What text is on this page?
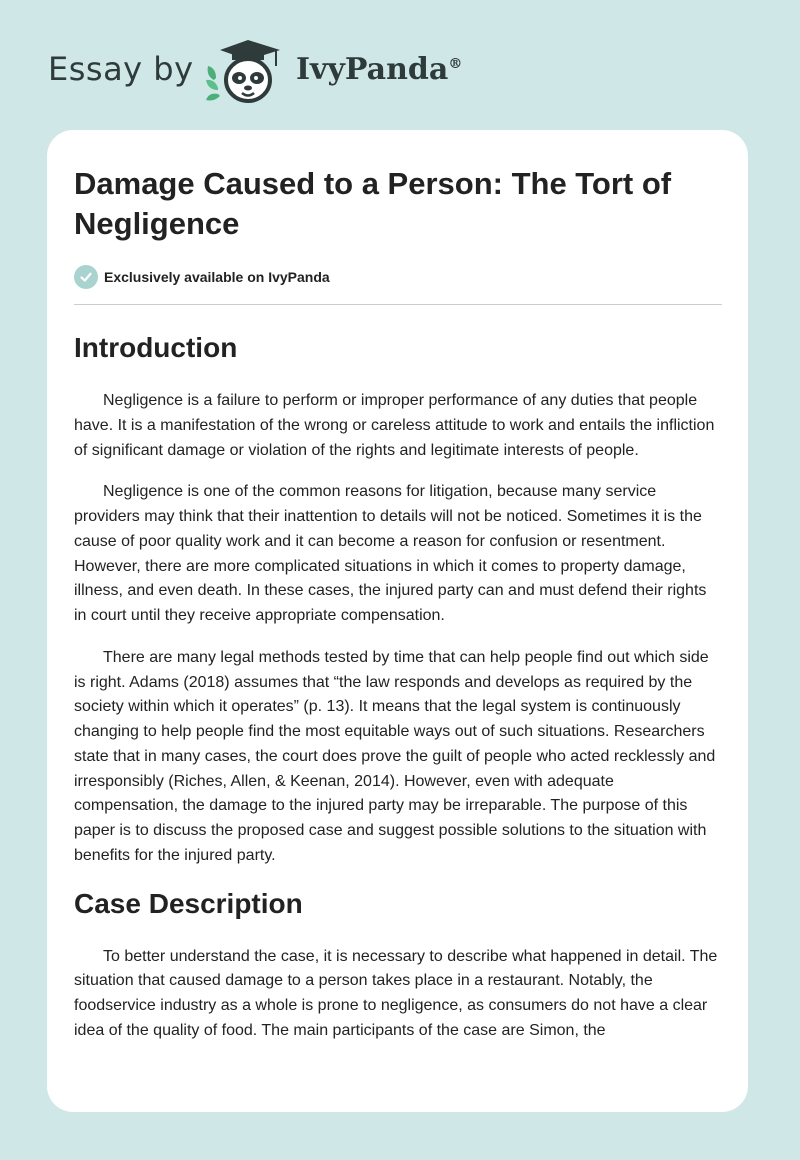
Essay by	IvyPanda®
Damage Caused to a Person: The Tort of Negligence
Exclusively available on IvyPanda
Introduction

Negligence is a failure to perform or improper performance of any duties that people have. It is a manifestation of the wrong or careless attitude to work and entails the infliction of significant damage or violation of the rights and legitimate interests of people.

Negligence is one of the common reasons for litigation, because many service providers may think that their inattention to details will not be noticed. Sometimes it is the cause of poor quality work and it can become a reason for confusion or resentment. However, there are more complicated situations in which it comes to property damage, illness, and even death. In these cases, the injured party can and must defend their rights in court until they receive appropriate compensation.

There are many legal methods tested by time that can help people find out which side is right. Adams (2018) assumes that “the law responds and develops as required by the society within which it operates” (p. 13). It means that the legal system is continuously changing to help people find the most equitable ways out of such situations. Researchers state that in many cases, the court does prove the guilt of people who acted recklessly and irresponsibly (Riches, Allen, & Keenan, 2014). However, even with adequate compensation, the damage to the injured party may be irreparable. The purpose of this paper is to discuss the proposed case and suggest possible solutions to the situation with benefits for the injured party.

Case Description

To better understand the case, it is necessary to describe what happened in detail. The situation that caused damage to a person takes place in a restaurant. Notably, the foodservice industry as a whole is prone to negligence, as consumers do not have a clear idea of the quality of food. The main participants of the case are Simon, the
